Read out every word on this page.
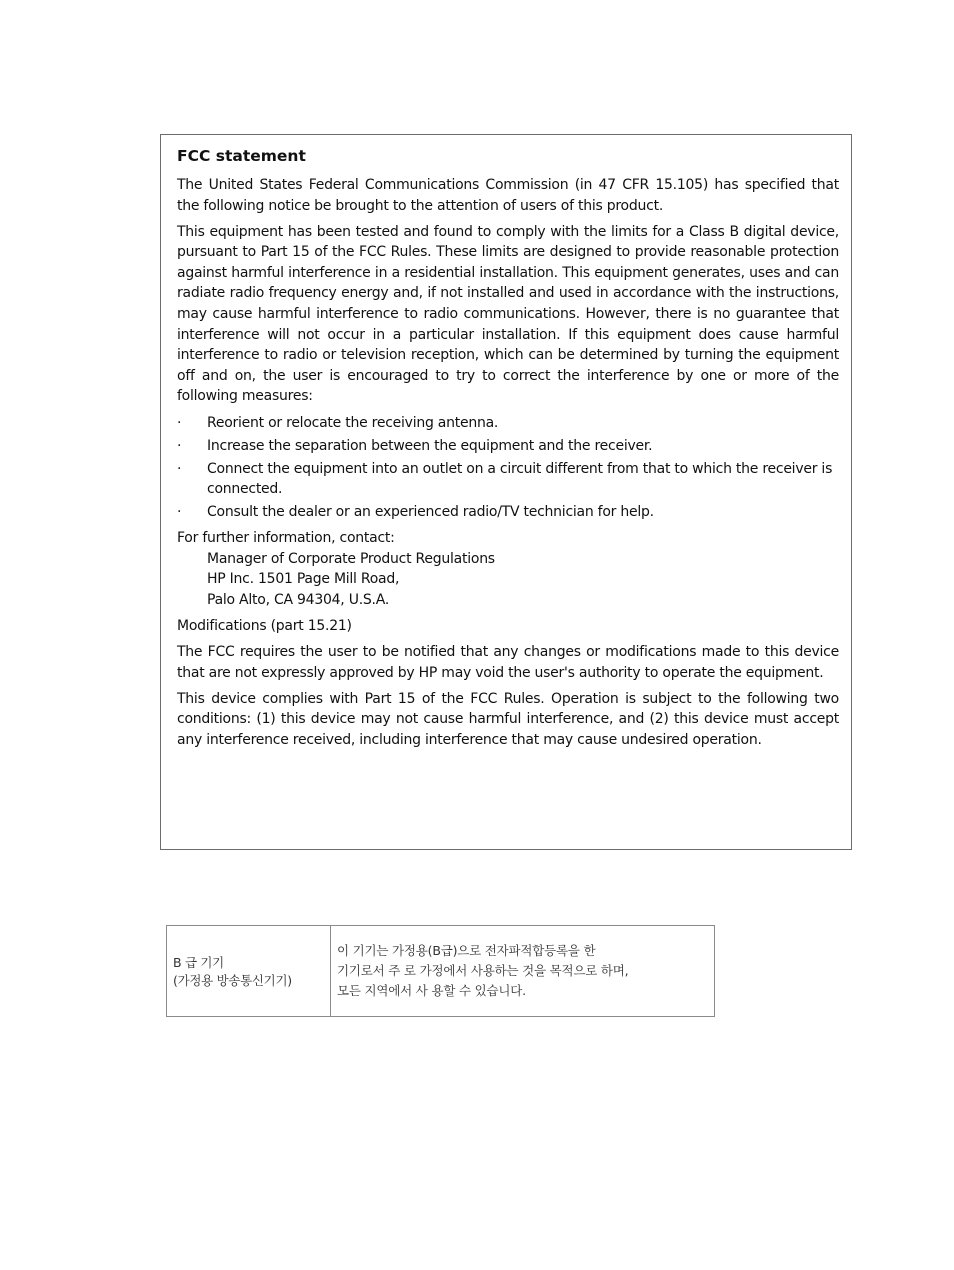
FCC statement

The United States Federal Communications Commission (in 47 CFR 15.105) has specified that the following notice be brought to the attention of users of this product.

This equipment has been tested and found to comply with the limits for a Class B digital device, pursuant to Part 15 of the FCC Rules. These limits are designed to provide reasonable protection against harmful interference in a residential installation. This equipment generates, uses and can radiate radio frequency energy and, if not installed and used in accordance with the instructions, may cause harmful interference to radio communications. However, there is no guarantee that interference will not occur in a particular installation. If this equipment does cause harmful interference to radio or television reception, which can be determined by turning the equipment off and on, the user is encouraged to try to correct the interference by one or more of the following measures:

· Reorient or relocate the receiving antenna.
· Increase the separation between the equipment and the receiver.
· Connect the equipment into an outlet on a circuit different from that to which the receiver is connected.
· Consult the dealer or an experienced radio/TV technician for help.
For further information, contact:
Manager of Corporate Product Regulations
HP Inc. 1501 Page Mill Road,
Palo Alto, CA 94304, U.S.A.

Modifications (part 15.21)

The FCC requires the user to be notified that any changes or modifications made to this device that are not expressly approved by HP may void the user's authority to operate the equipment.

This device complies with Part 15 of the FCC Rules. Operation is subject to the following two conditions: (1) this device may not cause harmful interference, and (2) this device must accept any interference received, including interference that may cause undesired operation.

B 급 기기
(가정용 방송통신기기)
이 기기는 가정용(B급)으로 전자파적합등록을 한
기기로서 주 로 가정에서 사용하는 것을 목적으로 하며,
모든 지역에서 사 용할 수 있습니다.
